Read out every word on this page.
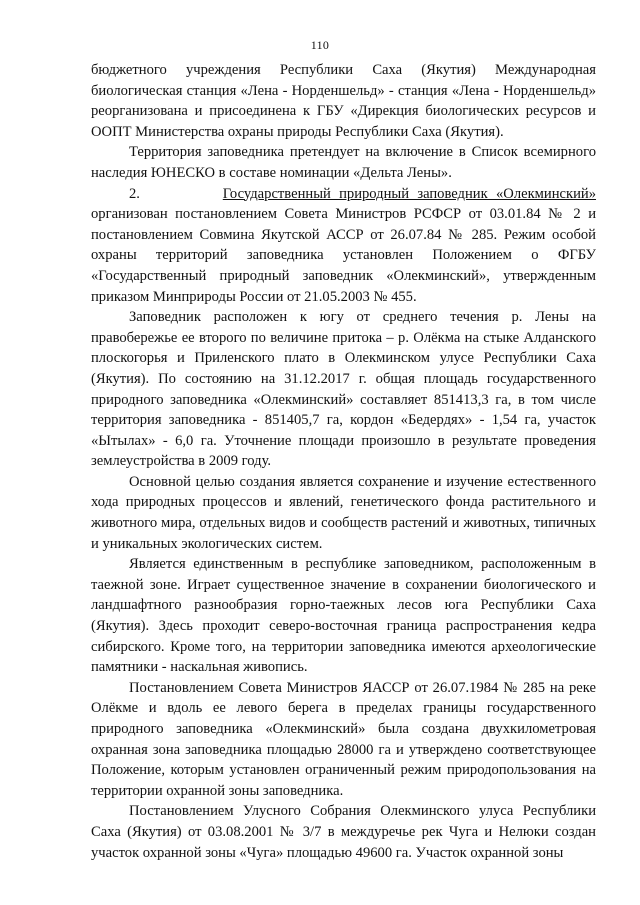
110

бюджетного учреждения Республики Саха (Якутия) Международная биологическая станция «Лена - Норденшельд» - станция «Лена - Норденшельд» реорганизована и присоединена к ГБУ «Дирекция биологических ресурсов и ООПТ Министерства охраны природы Республики Саха (Якутия).

Территория заповедника претендует на включение в Список всемирного наследия ЮНЕСКО в составе номинации «Дельта Лены».

2.	Государственный природный заповедник «Олекминский» организован постановлением Совета Министров РСФСР от 03.01.84 № 2 и постановлением Совмина Якутской АССР от 26.07.84 № 285. Режим особой охраны территорий заповедника установлен Положением о ФГБУ «Государственный природный заповедник «Олекминский», утвержденным приказом Минприроды России от 21.05.2003 № 455.

Заповедник расположен к югу от среднего течения р. Лены на правобережье ее второго по величине притока – р. Олёкма на стыке Алданского плоскогорья и Приленского плато в Олекминском улусе Республики Саха (Якутия). По состоянию на 31.12.2017 г. общая площадь государственного природного заповедника «Олекминский» составляет 851413,3 га, в том числе территория заповедника - 851405,7 га, кордон «Бедердях» - 1,54 га, участок «Ытылах» - 6,0 га. Уточнение площади произошло в результате проведения землеустройства в 2009 году.

Основной целью создания является сохранение и изучение естественного хода природных процессов и явлений, генетического фонда растительного и животного мира, отдельных видов и сообществ растений и животных, типичных и уникальных экологических систем.

Является единственным в республике заповедником, расположенным в таежной зоне. Играет существенное значение в сохранении биологического и ландшафтного разнообразия горно-таежных лесов юга Республики Саха (Якутия). Здесь проходит северо-восточная граница распространения кедра сибирского. Кроме того, на территории заповедника имеются археологические памятники - наскальная живопись.

Постановлением Совета Министров ЯАССР от 26.07.1984 № 285 на реке Олёкме и вдоль ее левого берега в пределах границы государственного природного заповедника «Олекминский» была создана двухкилометровая охранная зона заповедника площадью 28000 га и утверждено соответствующее Положение, которым установлен ограниченный режим природопользования на территории охранной зоны заповедника.

Постановлением Улусного Собрания Олекминского улуса Республики Саха (Якутия) от 03.08.2001 № 3/7 в междуречье рек Чуга и Нелюки создан участок охранной зоны «Чуга» площадью 49600 га. Участок охранной зоны
